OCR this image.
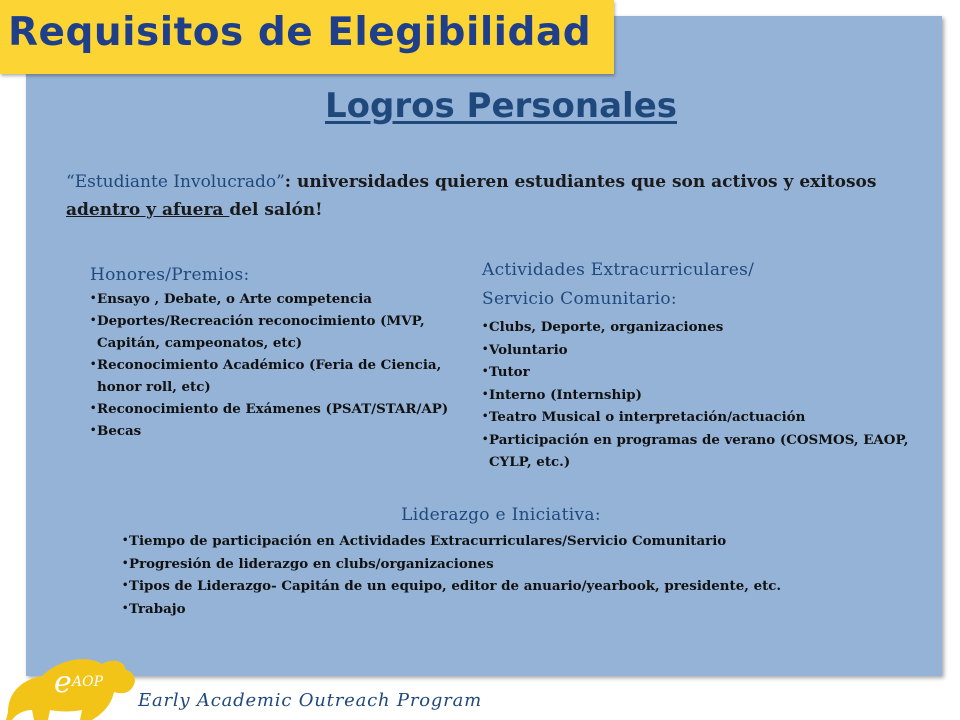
Requisitos de Elegibilidad
Logros Personales

“Estudiante Involucrado”: universidades quieren estudiantes que son activos y exitosos adentro y afuera del salón!

Honores/Premios:
• Ensayo , Debate, o Arte competencia
• Deportes/Recreación reconocimiento (MVP, Capitán, campeonatos, etc)
• Reconocimiento Académico (Feria de Ciencia, honor roll, etc)
• Reconocimiento de Exámenes (PSAT/STAR/AP)
• Becas
Actividades Extracurriculares/
Servicio Comunitario:
• Clubs, Deporte, organizaciones
• Voluntario
• Tutor
• Interno (Internship)
• Teatro Musical o interpretación/actuación
• Participación en programas de verano (COSMOS, EAOP, CYLP, etc.)
Liderazgo e Iniciativa:
• Tiempo de participación en Actividades Extracurriculares/Servicio Comunitario
• Progresión de liderazgo en clubs/organizaciones
• Tipos de Liderazgo- Capitán de un equipo, editor de anuario/yearbook, presidente, etc.
• Trabajo
e AOP

Early Academic Outreach Program
